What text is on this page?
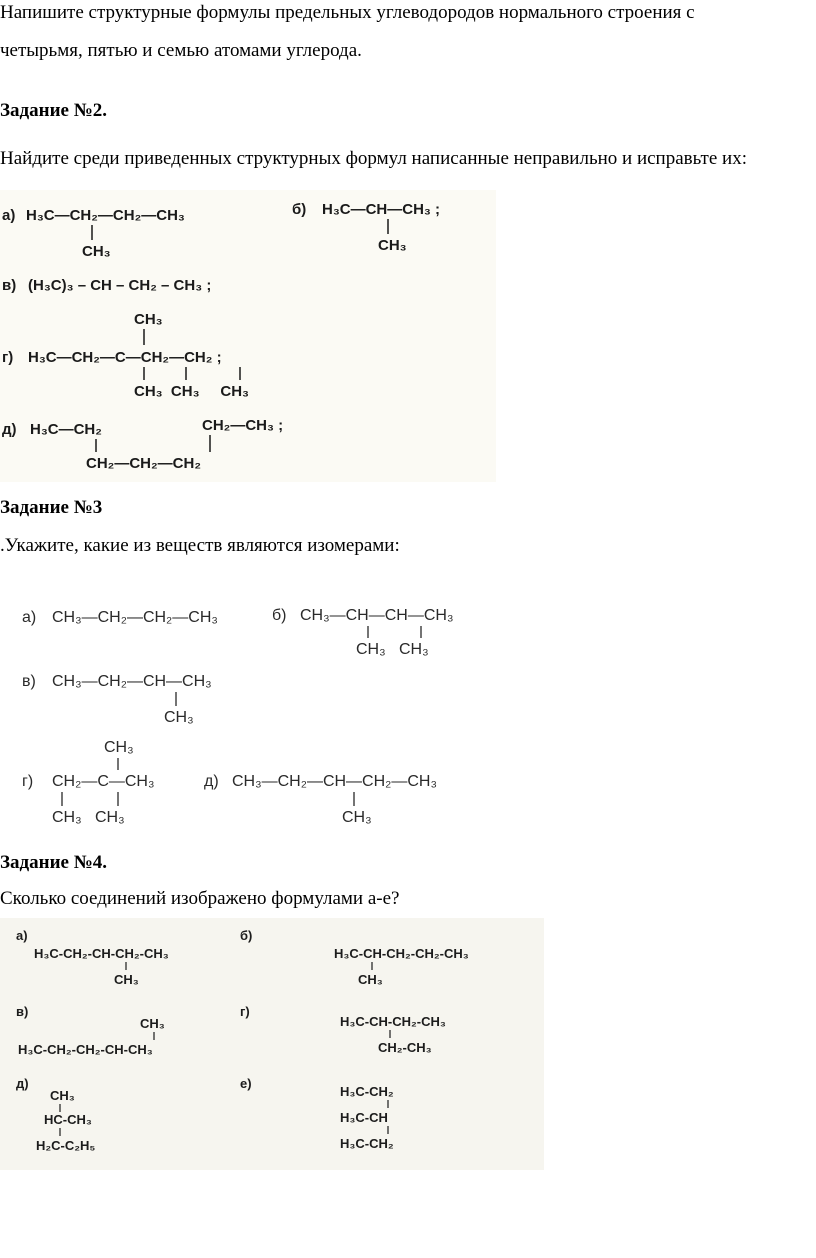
Напишите структурные формулы предельных углеводородов нормального строения с
четырьмя, пятью и семью атомами углерода.
Задание №2.
Найдите среди приведенных структурных формул написанные неправильно и исправьте их:
а) H₃C—CH₂—CH₂—CH₃
CH₃
б) H₃C—CH—CH₃ ;
CH₃
в) (H₃C)₃ – CH – CH₂ – CH₃ ;
CH₃
г) H₃C—CH₂—C—CH₂—CH₂ ;
CH₃  CH₃     CH₃
д) H₃C—CH₂	CH₂—CH₃ ;
CH₂—CH₂—CH₂
Задание №3
.Укажите, какие из веществ являются изомерами:
а) CH₃—CH₂—CH₂—CH₃	б) CH₃—CH—CH—CH₃
CH₃   CH₃
в) CH₃—CH₂—CH—CH₃
CH₃
CH₃
г) CH₂—C—CH₃
CH₃   CH₃
д) CH₃—CH₂—CH—CH₂—CH₃
CH₃
Задание №4.
Сколько соединений изображено формулами а-е?
а)
H₃C-CH₂-CH-CH₂-CH₃
CH₃
б)
H₃C-CH-CH₂-CH₂-CH₃
CH₃
в)
CH₃
H₃C-CH₂-CH₂-CH-CH₃
г)
H₃C-CH-CH₂-CH₃
CH₂-CH₃
д)
CH₃
HC-CH₃
H₂C-C₂H₅
е)
H₃C-CH₂
H₃C-CH
H₃C-CH₂
